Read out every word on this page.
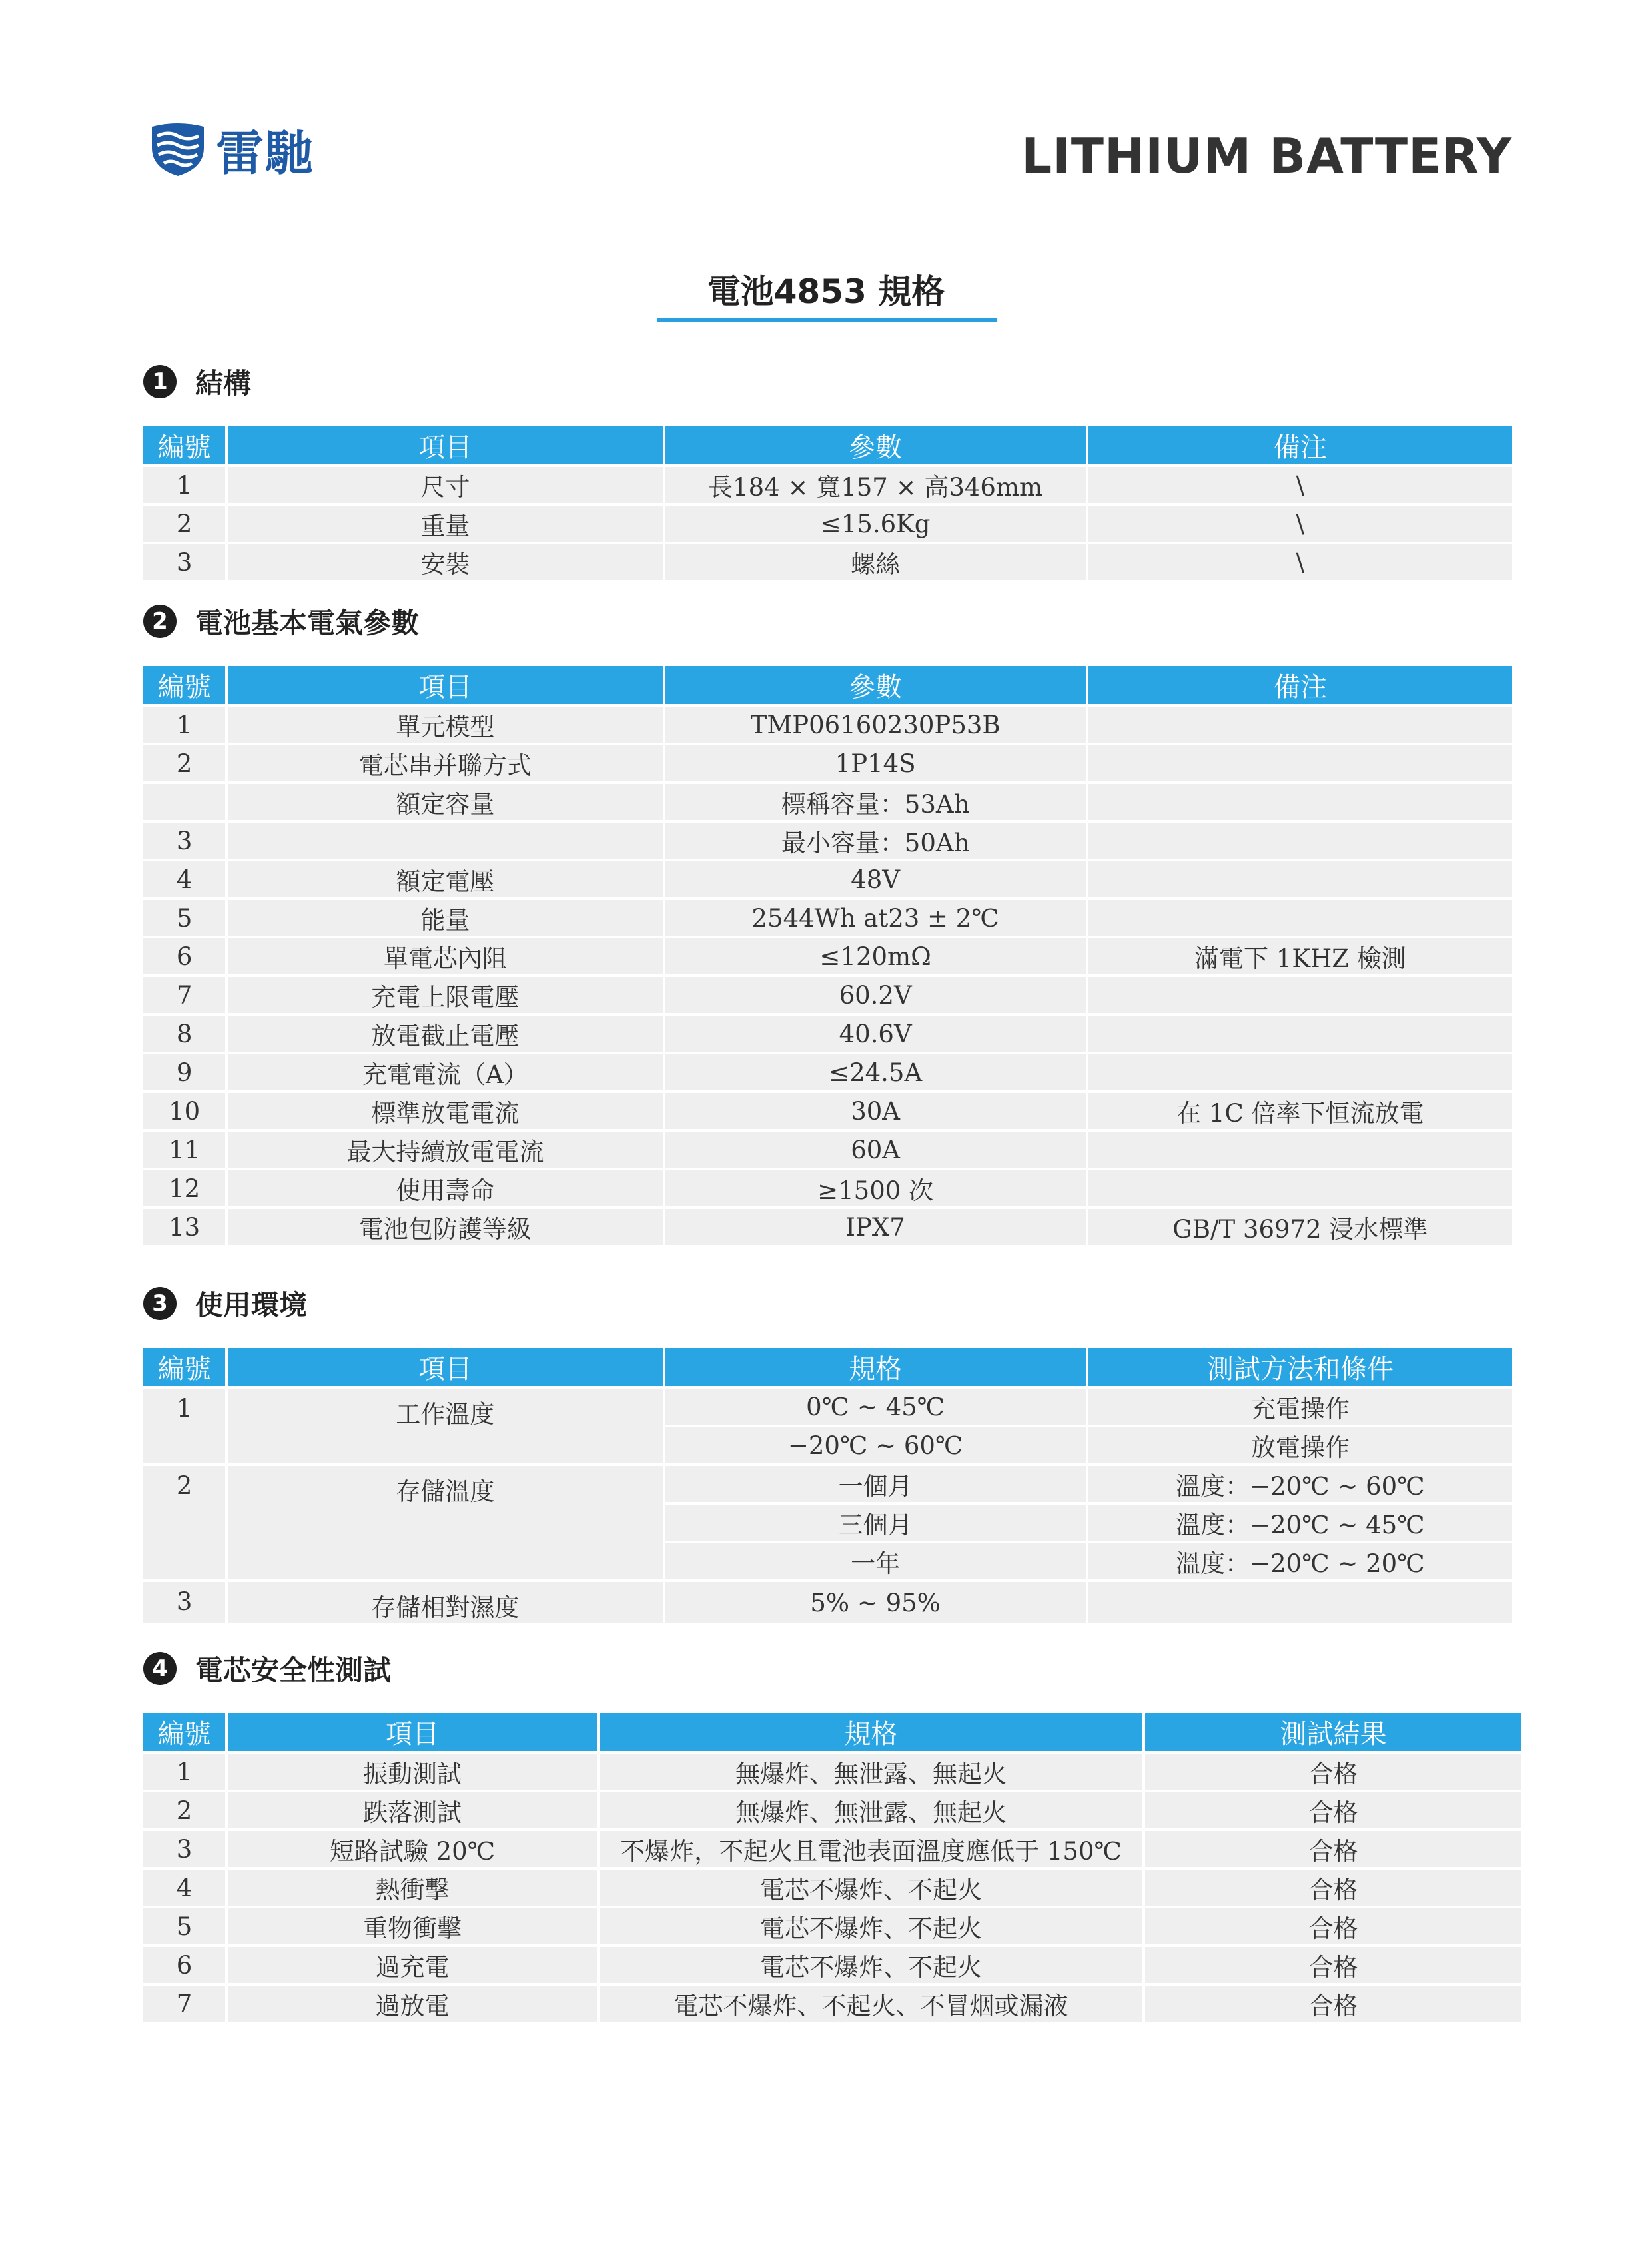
雷馳	LITHIUM BATTERY
電池4853 規格
1 結構
編號	項目	參數	備注
1	尺寸	長184 × 寬157 × 高346mm	\
2	重量	≤15.6Kg	\
3	安裝	螺絲	\
2 電池基本電氣參數
編號	項目	參數	備注
1	單元模型	TMP06160230P53B	
2	電芯串并聯方式	1P14S	
	額定容量	標稱容量：53Ah	
3		最小容量：50Ah	
4	額定電壓	48V	
5	能量	2544Wh at23 ± 2℃	
6	單電芯內阻	≤120mΩ	滿電下 1KHZ 檢測
7	充電上限電壓	60.2V	
8	放電截止電壓	40.6V	
9	充電電流（A）	≤24.5A	
10	標準放電電流	30A	在 1C 倍率下恒流放電
11	最大持續放電電流	60A	
12	使用壽命	≥1500 次	
13	電池包防護等級	IPX7	GB/T 36972 浸水標準
3 使用環境
編號	項目	規格	測試方法和條件
1	工作溫度	0℃ ~ 45℃	充電操作
		−20℃ ~ 60℃	放電操作
2	存儲溫度	一個月	溫度：−20℃ ~ 60℃
		三個月	溫度：−20℃ ~ 45℃
		一年	溫度：−20℃ ~ 20℃
3	存儲相對濕度	5% ~ 95%	
4 電芯安全性測試
編號	項目	規格	測試結果
1	振動測試	無爆炸、無泄露、無起火	合格
2	跌落測試	無爆炸、無泄露、無起火	合格
3	短路試驗 20℃	不爆炸，不起火且電池表面溫度應低于 150℃	合格
4	熱衝擊	電芯不爆炸、不起火	合格
5	重物衝擊	電芯不爆炸、不起火	合格
6	過充電	電芯不爆炸、不起火	合格
7	過放電	電芯不爆炸、不起火、不冒烟或漏液	合格
